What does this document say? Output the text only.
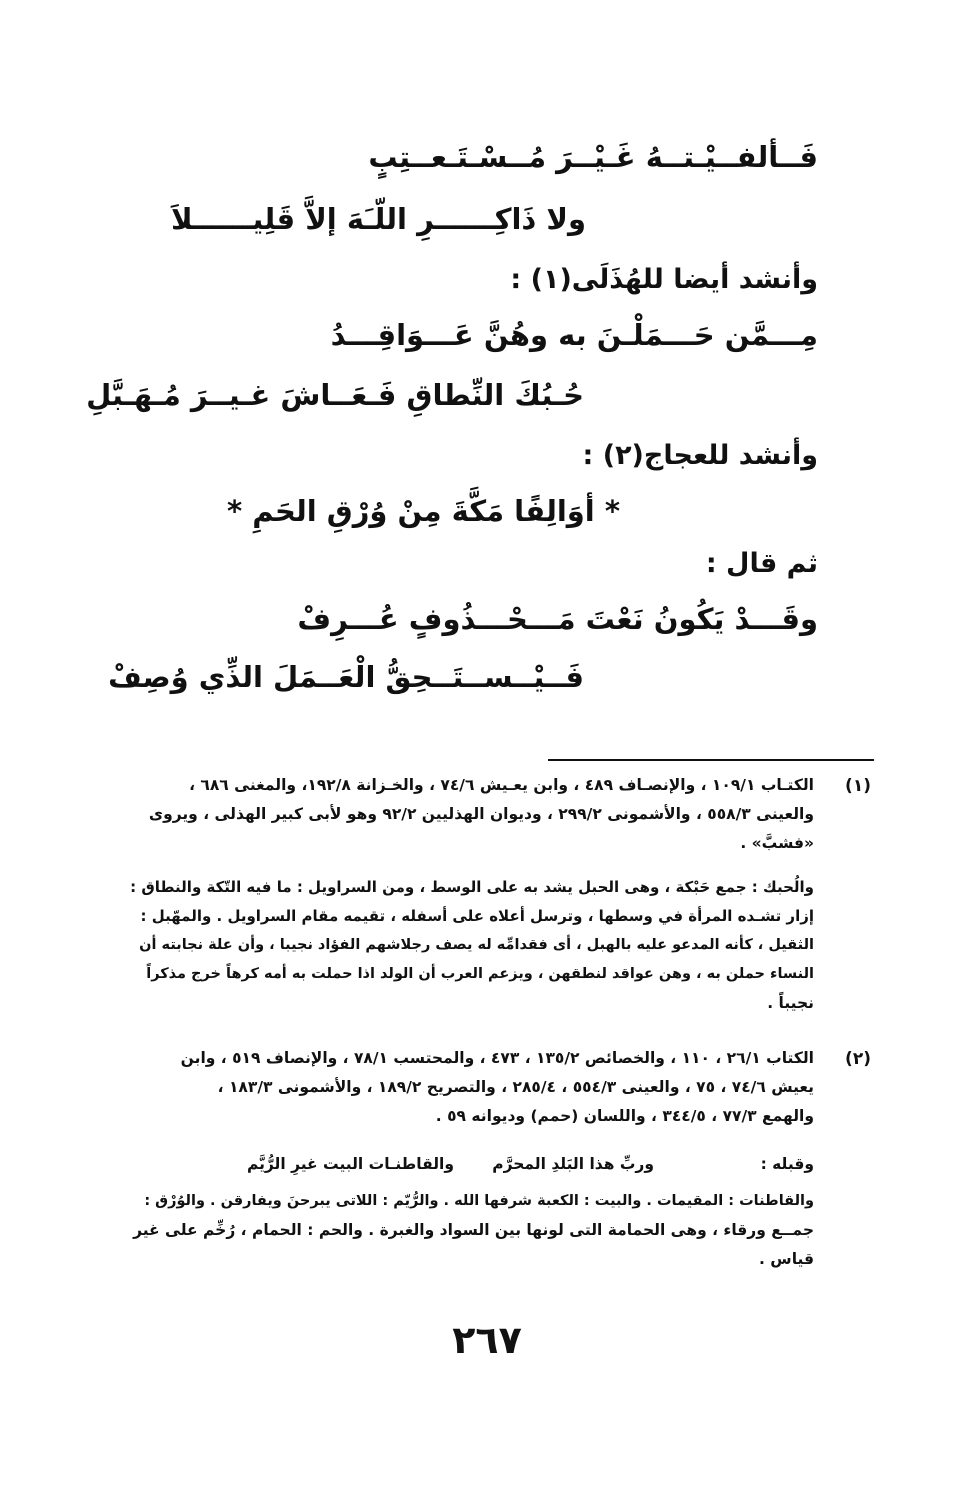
فَــألفــيْـتــهُ غَـيْــرَ مُــسْـتَـعــتِبٍ
ولا ذَاكِــــــرِ اللّـَهَ إلاَّ قَلِيــــــلاَ
وأنشد أيضا للهُذَلَى(١) :
مِـــمَّن حَـــمَلْـنَ به وهُنَّ عَـــوَاقِـــدُ
حُـبُكَ النِّطاقِ فَـعَــاشَ غـيــرَ مُـهَـبَّلِ
وأنشد للعجاج(٢) :
* أوَالِفًا مَكَّةَ مِنْ وُرْقِ الحَمِ *
ثم قال :
وقَـــدْ يَكُونُ نَعْتَ مَـــحْـــذُوفٍ عُـــرِفْ
فَــيْــســتَــحِقُّ الْعَــمَلَ الذِّي وُصِفْ
(١)
الكتـاب ١٠٩/١ ، والإنصـاف ٤٨٩ ، وابن يعـيش ٧٤/٦ ، والخـزانة ١٩٢/٨، والمغنى ٦٨٦ ،
والعينى ٥٥٨/٣ ، والأشمونى ٢٩٩/٢ ، وديوان الهذليين ٩٢/٢ وهو لأبى كبير الهذلى ، ويروى
«فشبَّ» .
والُحبك : جمع حَبْكة ، وهى الحبل يشد به على الوسط ، ومن السراويل : ما فيه التّكة والنطاق :
إزار تشـده المرأة في وسطها ، وترسل أعلاه على أسفله ، تقيمه مقام السراويل . والمهّبل :
الثقيل ، كأنه المدعو عليه بالهبل ، أى فقدامِّه له يصف رجلاشهم الفؤاد نجيبا ، وأن علة نجابته أن
النساء حملن به ، وهن عواقد لنطقهن ، ويزعم العرب أن الولد اذا حملت به أمه كرهاً خرج مذكراً
نجيباً .
(٢)
الكتاب ٢٦/١ ، ١١٠ ، والخصائص ١٣٥/٢ ، ٤٧٣ ، والمحتسب ٧٨/١ ، والإنصاف ٥١٩ ، وابن
يعيش ٧٤/٦ ، ٧٥ ، والعينى ٥٥٤/٣ ، ٢٨٥/٤ ، والتصريح ١٨٩/٢ ، والأشمونى ١٨٣/٣ ،
والهمع ٧٧/٣ ، ٣٤٤/٥ ، واللسان (حمم) وديوانه ٥٩ .
وقبله :
وربِّ هذا البَلدِ المحرَّم
والقاطنـات البيت غيرِ الرُّيَّم
والقاطنات : المقيمات . والبيت : الكعبة شرفها الله . والرُّيّم : اللاتى يبرحنَ ويفارقن . والوُرْق :
جمــع ورقاء ، وهى الحمامة التى لونها بين السواد والغبرة . والحم : الحمام ، رُخِّم على غير
قياس .
٢٦٧
